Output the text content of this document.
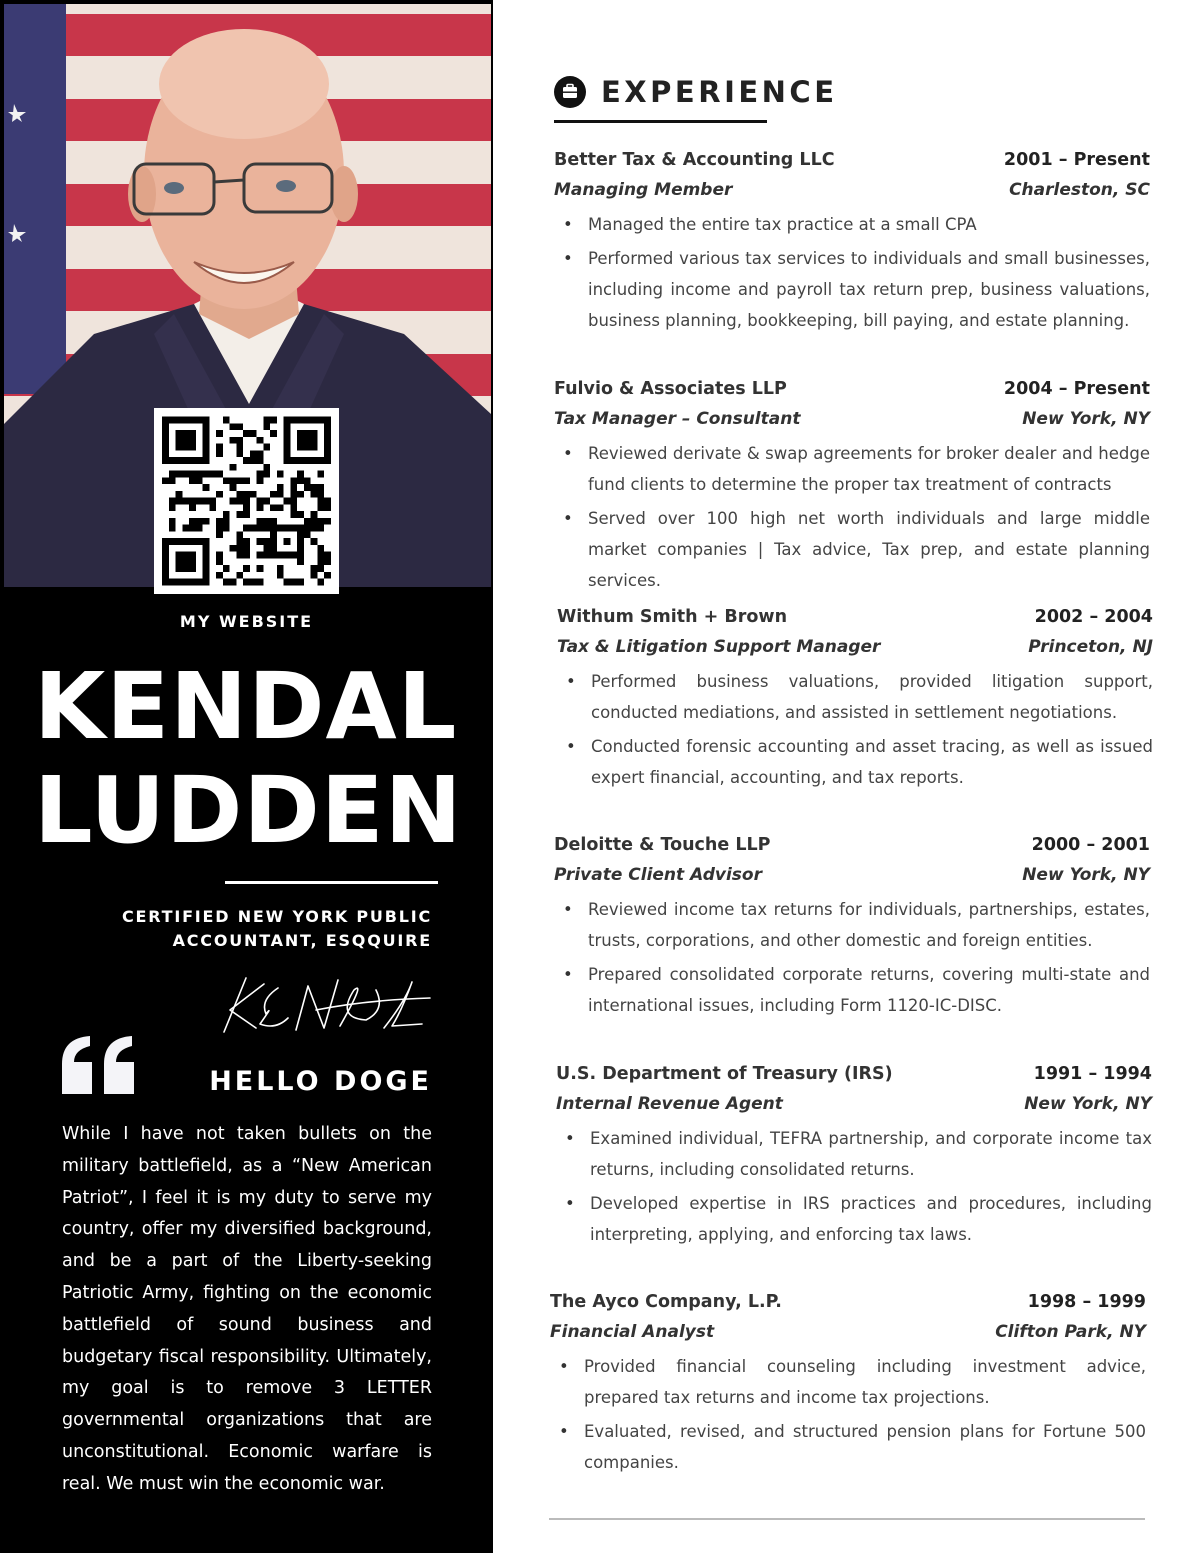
MY WEBSITE
KENDAL
LUDDEN
CERTIFIED NEW YORK PUBLIC
ACCOUNTANT, ESQQUIRE
HELLO DOGE

While I have not taken bullets on the military battlefield, as a “New American Patriot”, I feel it is my duty to serve my country, offer my diversified background, and be a part of the Liberty-seeking Patriotic Army, fighting on the economic battlefield of sound business and budgetary fiscal responsibility. Ultimately, my goal is to remove 3 LETTER governmental organizations that are unconstitutional. Economic warfare is real. We must win the economic war.

EXPERIENCE
Better Tax & Accounting LLC	2001 – Present
Managing Member	Charleston, SC
• Managed the entire tax practice at a small CPA
• Performed various tax services to individuals and small businesses, including income and payroll tax return prep, business valuations, business planning, bookkeeping, bill paying, and estate planning.
Fulvio & Associates LLP	2004 – Present
Tax Manager – Consultant	New York, NY
• Reviewed derivate & swap agreements for broker dealer and hedge fund clients to determine the proper tax treatment of contracts
• Served over 100 high net worth individuals and large middle market companies | Tax advice, Tax prep, and estate planning services.
Withum Smith + Brown	2002 – 2004
Tax & Litigation Support Manager	Princeton, NJ
• Performed business valuations, provided litigation support, conducted mediations, and assisted in settlement negotiations.
• Conducted forensic accounting and asset tracing, as well as issued expert financial, accounting, and tax reports.
Deloitte & Touche LLP	2000 – 2001
Private Client Advisor	New York, NY
• Reviewed income tax returns for individuals, partnerships, estates, trusts, corporations, and other domestic and foreign entities.
• Prepared consolidated corporate returns, covering multi-state and international issues, including Form 1120-IC-DISC.
U.S. Department of Treasury (IRS)	1991 – 1994
Internal Revenue Agent	New York, NY
• Examined individual, TEFRA partnership, and corporate income tax returns, including consolidated returns.
• Developed expertise in IRS practices and procedures, including interpreting, applying, and enforcing tax laws.
The Ayco Company, L.P.	1998 – 1999
Financial Analyst	Clifton Park, NY
• Provided financial counseling including investment advice, prepared tax returns and income tax projections.
• Evaluated, revised, and structured pension plans for Fortune 500 companies.
